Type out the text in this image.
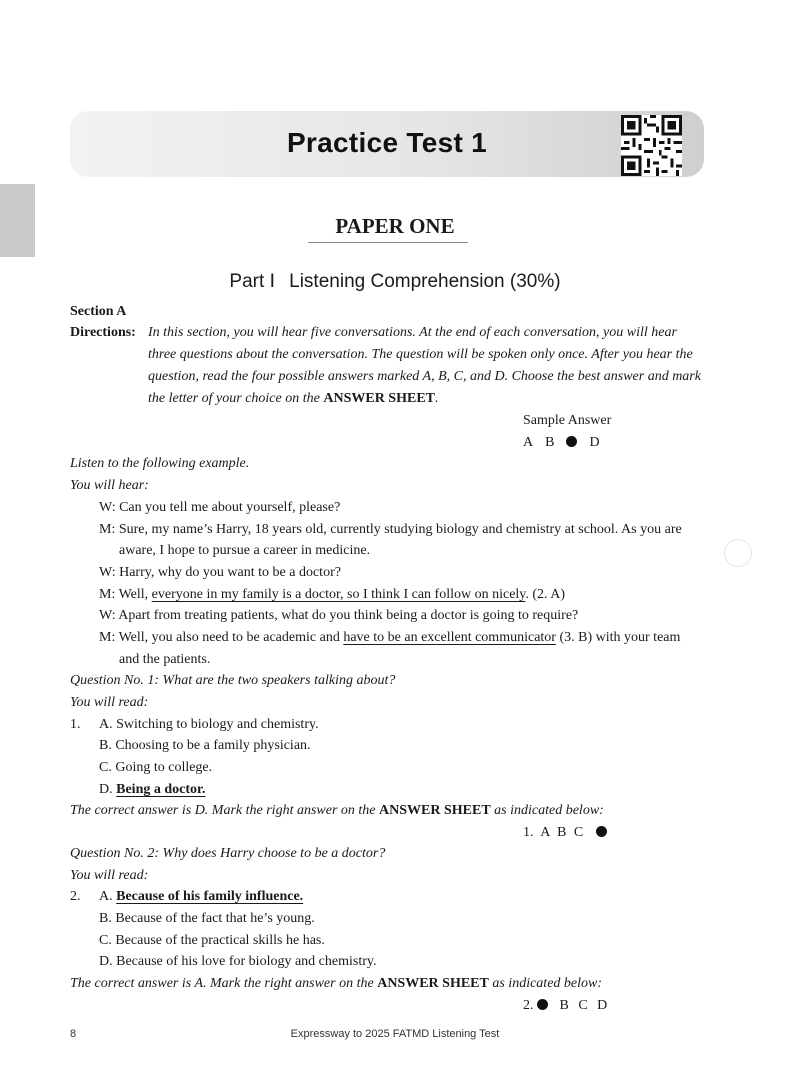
Practice Test 1
PAPER ONE
Part Ⅰ Listening Comprehension (30%)
Section A
Directions: In this section, you will hear five conversations. At the end of each conversation, you will hear three questions about the conversation. The question will be spoken only once. After you hear the question, read the four possible answers marked A, B, C, and D. Choose the best answer and mark the letter of your choice on the ANSWER SHEET.
Sample Answer
A B	D
Listen to the following example.
You will hear:
W: Can you tell me about yourself, please?
M: Sure, my name’s Harry, 18 years old, currently studying biology and chemistry at school. As you are
aware, I hope to pursue a career in medicine.
W: Harry, why do you want to be a doctor?
M: Well, everyone in my family is a doctor, so I think I can follow on nicely. (2. A)
W: Apart from treating patients, what do you think being a doctor is going to require?
M: Well, you also need to be academic and have to be an excellent communicator (3. B) with your team
and the patients.
Question No. 1: What are the two speakers talking about?
You will read:
1. A. Switching to biology and chemistry.
B. Choosing to be a family physician.
C. Going to college.
D. Being a doctor.
The correct answer is D. Mark the right answer on the ANSWER SHEET as indicated below:
1. A B C
Question No. 2: Why does Harry choose to be a doctor?
You will read:
2. A. Because of his family influence.
B. Because of the fact that he’s young.
C. Because of the practical skills he has.
D. Because of his love for biology and chemistry.
The correct answer is A. Mark the right answer on the ANSWER SHEET as indicated below:
2. B C D
8	Expressway to 2025 FATMD Listening Test
